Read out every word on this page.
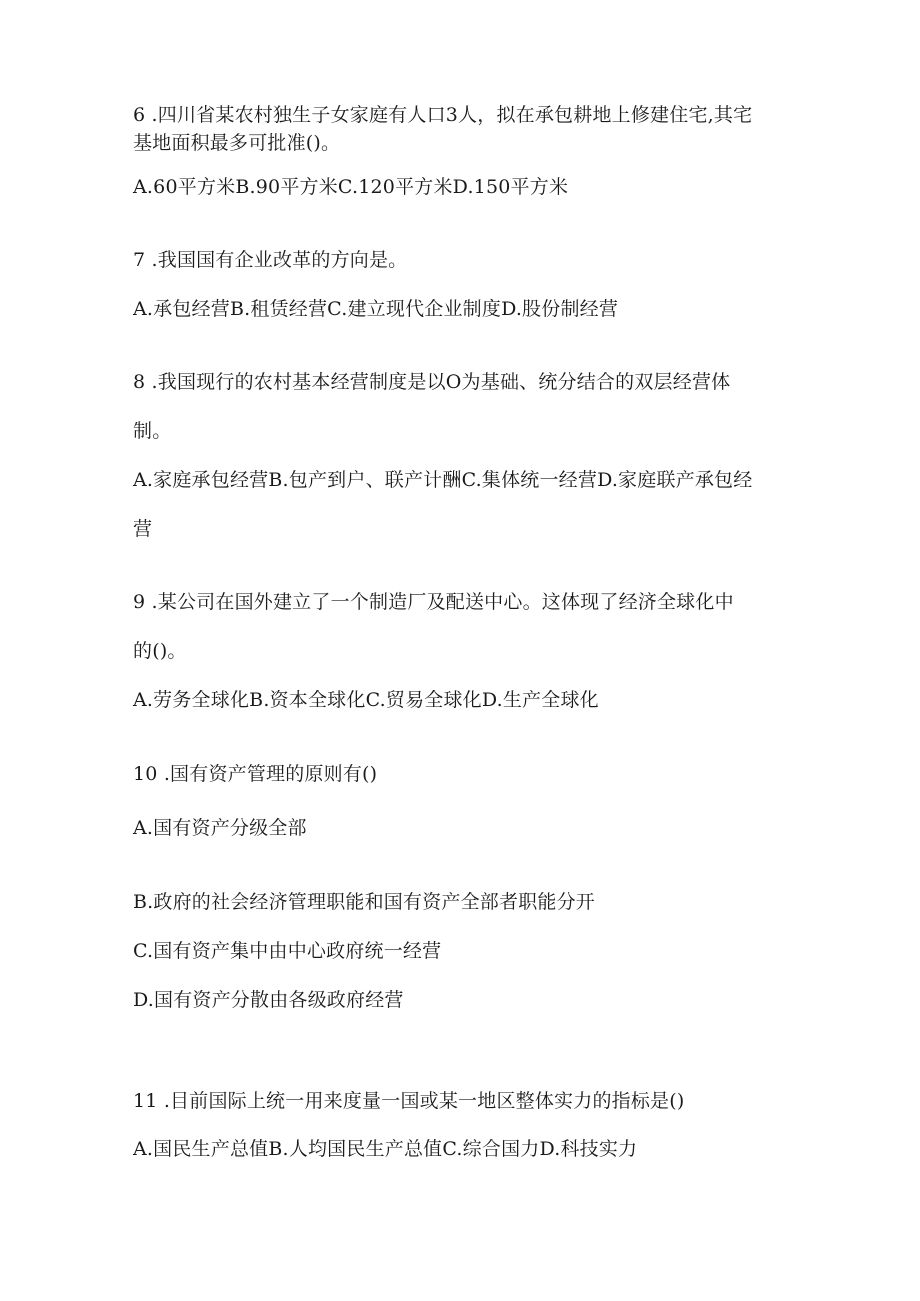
6 .四川省某农村独生子女家庭有人口3人，拟在承包耕地上修建住宅,其宅
基地面积最多可批准()。
A.60平方米B.90平方米C.120平方米D.150平方米
7 .我国国有企业改革的方向是。
A.承包经营B.租赁经营C.建立现代企业制度D.股份制经营
8 .我国现行的农村基本经营制度是以O为基础、统分结合的双层经营体
制。
A.家庭承包经营B.包产到户、联产计酬C.集体统一经营D.家庭联产承包经
营
9 .某公司在国外建立了一个制造厂及配送中心。这体现了经济全球化中
的()。
A.劳务全球化B.资本全球化C.贸易全球化D.生产全球化
10 .国有资产管理的原则有()
A.国有资产分级全部
B.政府的社会经济管理职能和国有资产全部者职能分开
C.国有资产集中由中心政府统一经营
D.国有资产分散由各级政府经营
11 .目前国际上统一用来度量一国或某一地区整体实力的指标是()
A.国民生产总值B.人均国民生产总值C.综合国力D.科技实力
